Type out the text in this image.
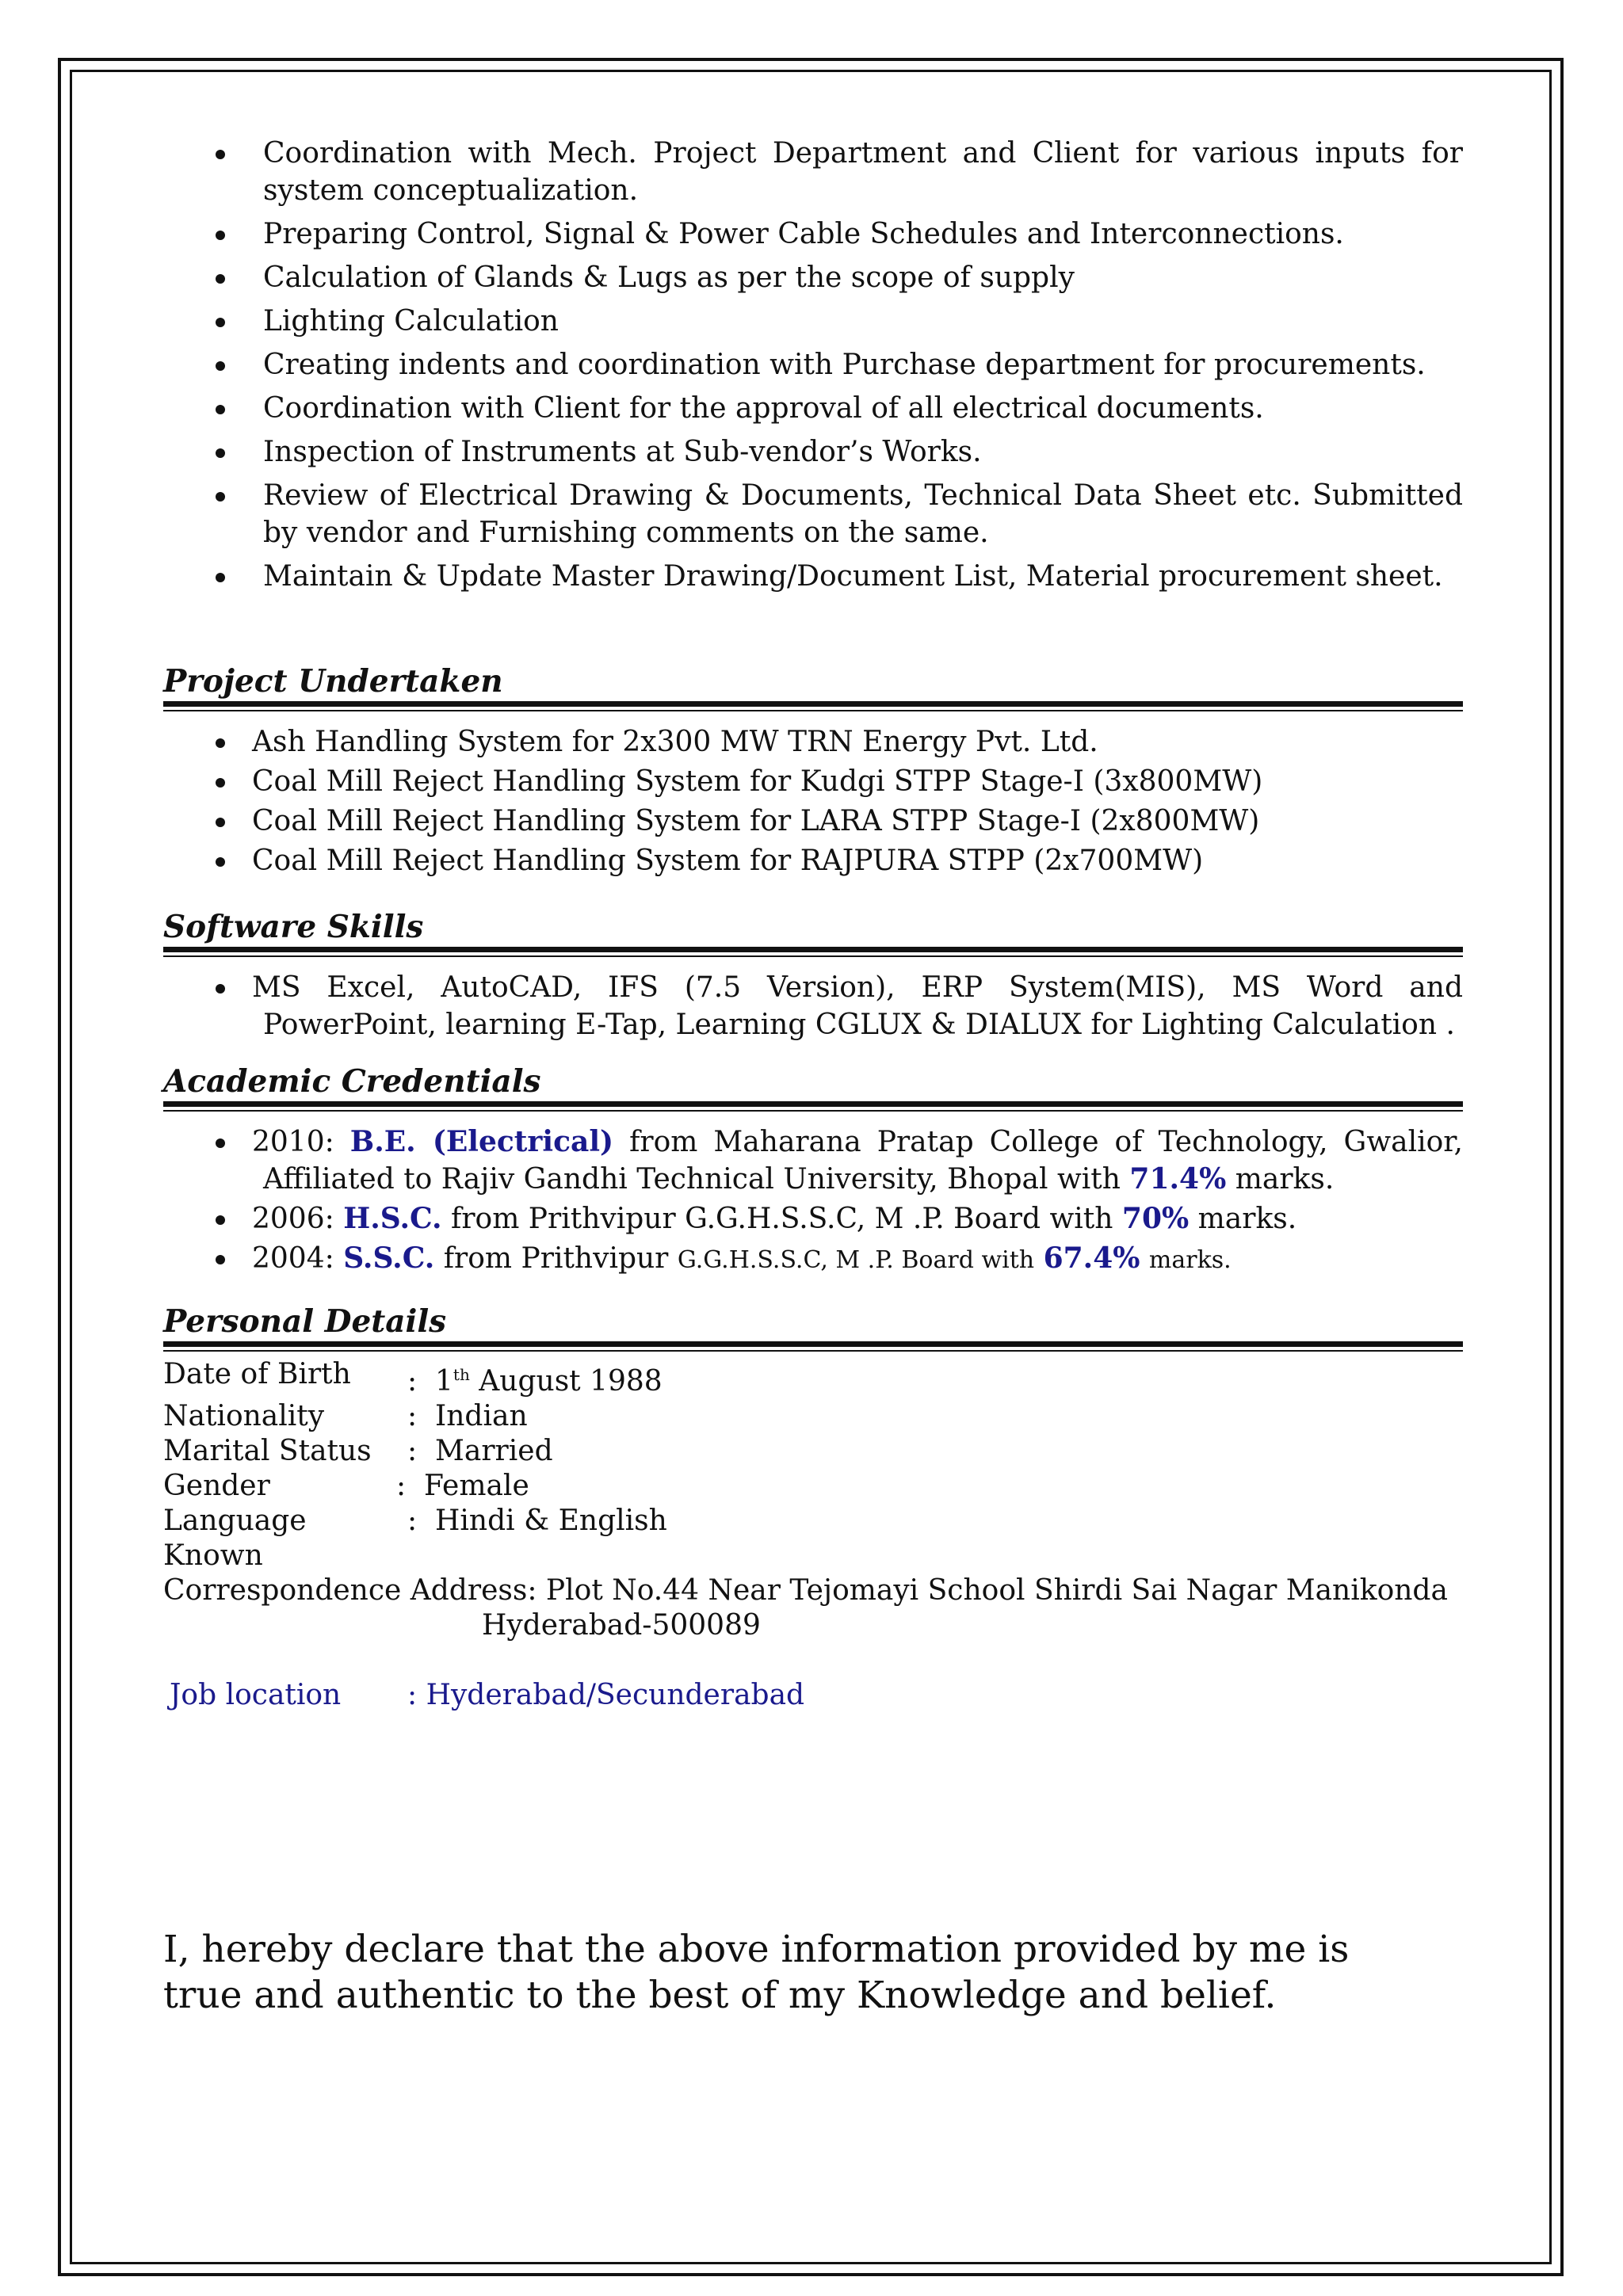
Coordination with Mech. Project Department and Client for various inputs for system conceptualization.
Preparing Control, Signal & Power Cable Schedules and Interconnections.
Calculation of Glands & Lugs as per the scope of supply
Lighting Calculation
Creating indents and coordination with Purchase department for procurements.
Coordination with Client for the approval of all electrical documents.
Inspection of Instruments at Sub-vendor’s Works.
Review of Electrical Drawing & Documents, Technical Data Sheet etc. Submitted by vendor and Furnishing comments on the same.
Maintain & Update Master Drawing/Document List, Material procurement sheet.
Project Undertaken
Ash Handling System for 2x300 MW TRN Energy Pvt. Ltd.
Coal Mill Reject Handling System for Kudgi STPP Stage-I (3x800MW)
Coal Mill Reject Handling System for LARA STPP Stage-I (2x800MW)
Coal Mill Reject Handling System for RAJPURA STPP (2x700MW)
Software Skills
MS Excel, AutoCAD, IFS (7.5 Version), ERP System(MIS), MS Word and PowerPoint, learning E-Tap, Learning CGLUX & DIALUX for Lighting Calculation .
Academic Credentials
2010: B.E. (Electrical) from Maharana Pratap College of Technology, Gwalior, Affiliated to Rajiv Gandhi Technical University, Bhopal with 71.4% marks.
2006: H.S.C. from Prithvipur G.G.H.S.S.C, M .P. Board with 70% marks.
2004: S.S.C. from Prithvipur G.G.H.S.S.C, M .P. Board with 67.4% marks.
Personal Details
Date of Birth	:  1th August 1988
Nationality	:  Indian
Marital Status	:  Married
Gender	:  Female
Language Known
:  Hindi & English
Correspondence Address: Plot No.44 Near Tejomayi School Shirdi Sai Nagar Manikonda
Hyderabad-500089
Job location	: Hyderabad/Secunderabad

I, hereby declare that the above information provided by me is true and authentic to the best of my Knowledge and belief.
